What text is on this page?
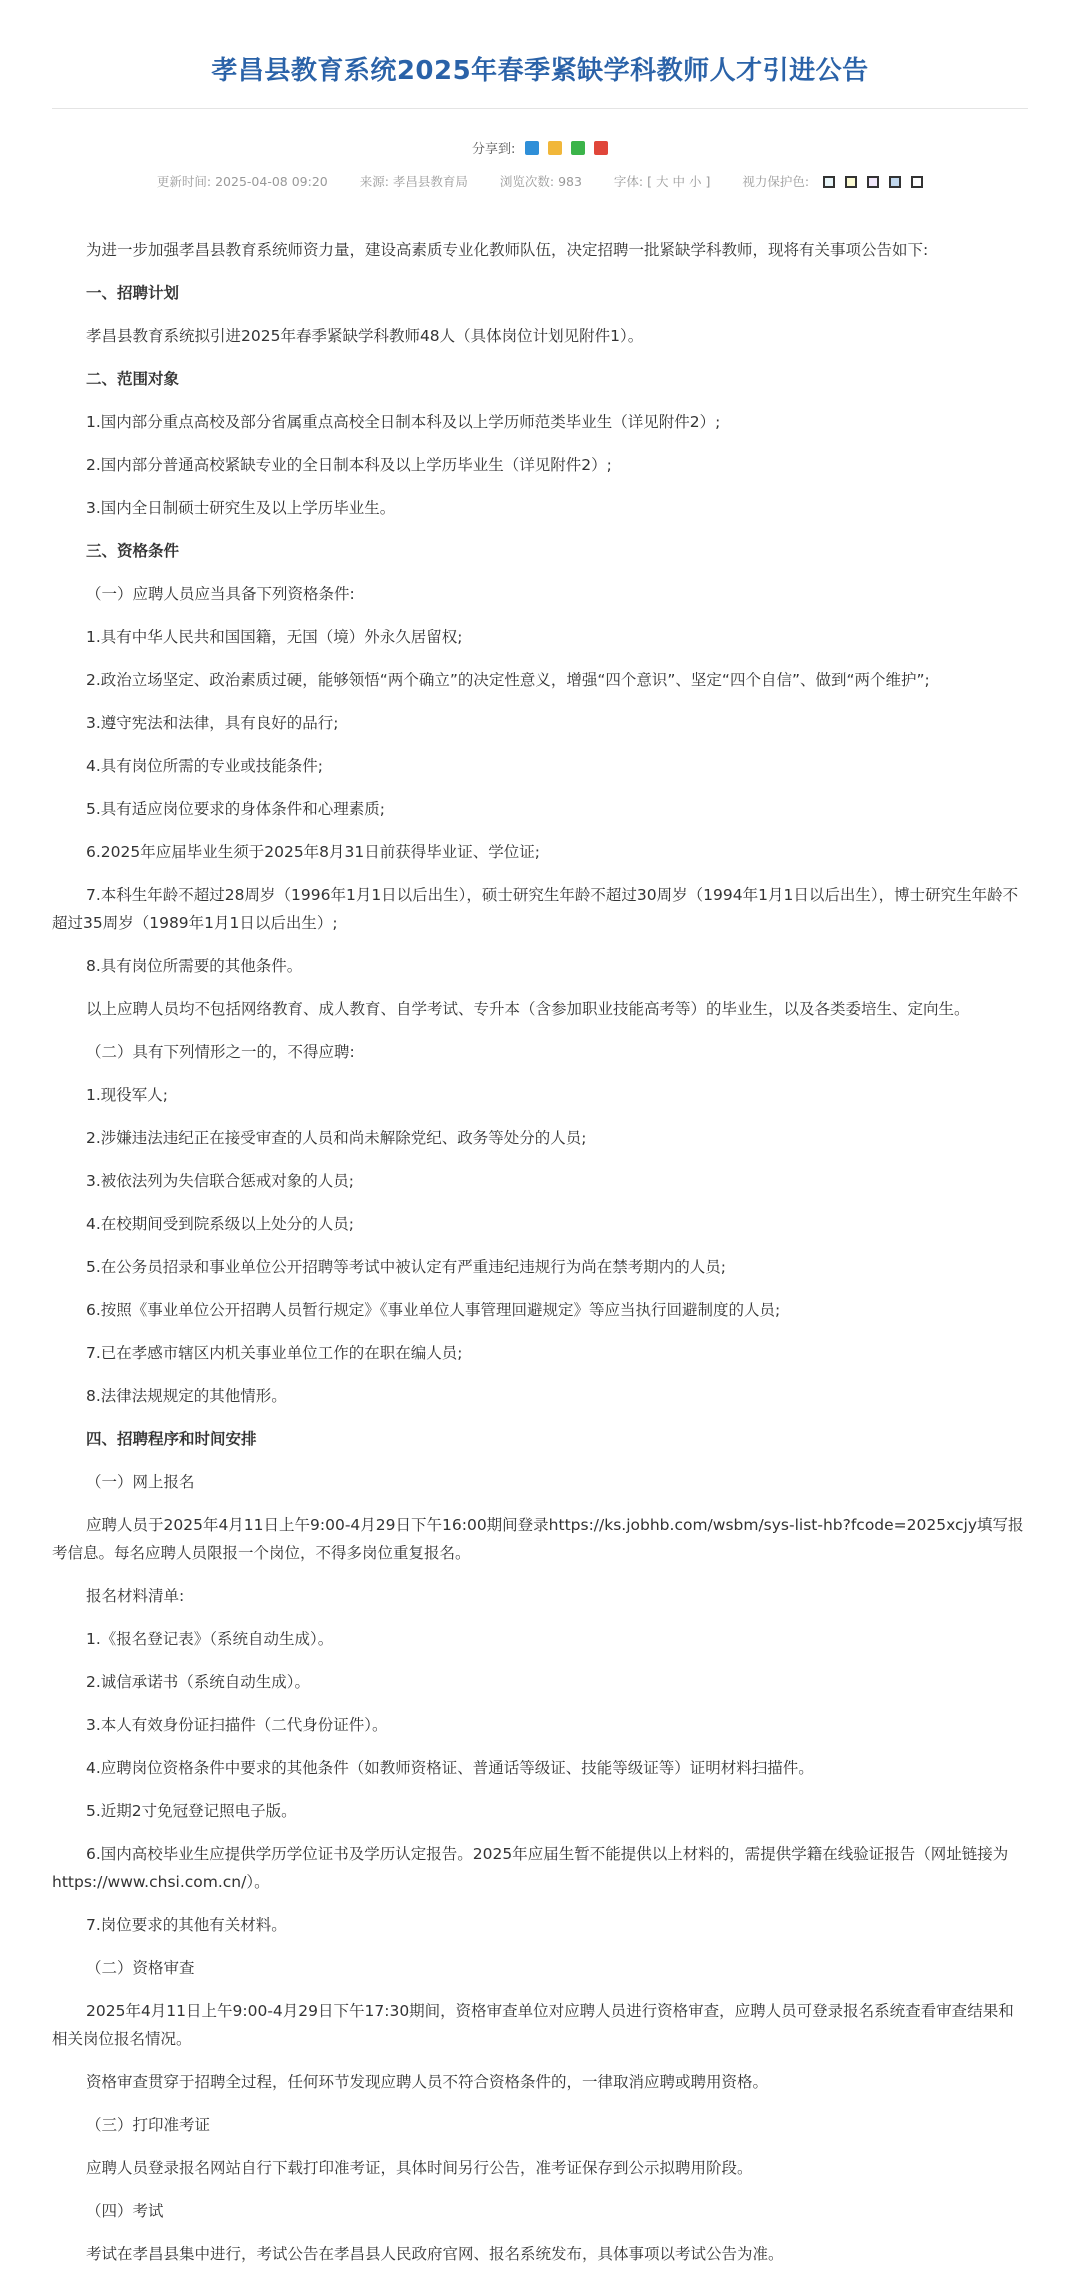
孝昌县教育系统2025年春季紧缺学科教师人才引进公告
分享到:
更新时间: 2025-04-08 09:20	来源: 孝昌县教育局	浏览次数: 983	字体: [ 大 中 小 ]	视力保护色:

为进一步加强孝昌县教育系统师资力量，建设高素质专业化教师队伍，决定招聘一批紧缺学科教师，现将有关事项公告如下:

一、招聘计划

孝昌县教育系统拟引进2025年春季紧缺学科教师48人（具体岗位计划见附件1）。

二、范围对象

1.国内部分重点高校及部分省属重点高校全日制本科及以上学历师范类毕业生（详见附件2）;

2.国内部分普通高校紧缺专业的全日制本科及以上学历毕业生（详见附件2）;

3.国内全日制硕士研究生及以上学历毕业生。

三、资格条件

（一）应聘人员应当具备下列资格条件:

1.具有中华人民共和国国籍，无国（境）外永久居留权;

2.政治立场坚定、政治素质过硬，能够领悟“两个确立”的决定性意义，增强“四个意识”、坚定“四个自信”、做到“两个维护”;

3.遵守宪法和法律，具有良好的品行;

4.具有岗位所需的专业或技能条件;

5.具有适应岗位要求的身体条件和心理素质;

6.2025年应届毕业生须于2025年8月31日前获得毕业证、学位证;

7.本科生年龄不超过28周岁（1996年1月1日以后出生），硕士研究生年龄不超过30周岁（1994年1月1日以后出生），博士研究生年龄不超过35周岁（1989年1月1日以后出生）;

8.具有岗位所需要的其他条件。

以上应聘人员均不包括网络教育、成人教育、自学考试、专升本（含参加职业技能高考等）的毕业生，以及各类委培生、定向生。

（二）具有下列情形之一的，不得应聘:

1.现役军人;

2.涉嫌违法违纪正在接受审查的人员和尚未解除党纪、政务等处分的人员;

3.被依法列为失信联合惩戒对象的人员;

4.在校期间受到院系级以上处分的人员;

5.在公务员招录和事业单位公开招聘等考试中被认定有严重违纪违规行为尚在禁考期内的人员;

6.按照《事业单位公开招聘人员暂行规定》《事业单位人事管理回避规定》等应当执行回避制度的人员;

7.已在孝感市辖区内机关事业单位工作的在职在编人员;

8.法律法规规定的其他情形。

四、招聘程序和时间安排

（一）网上报名

应聘人员于2025年4月11日上午9:00-4月29日下午16:00期间登录https://ks.jobhb.com/wsbm/sys-list-hb?fcode=2025xcjy填写报考信息。每名应聘人员限报一个岗位，不得多岗位重复报名。

报名材料清单:

1.《报名登记表》（系统自动生成）。

2.诚信承诺书（系统自动生成）。

3.本人有效身份证扫描件（二代身份证件）。

4.应聘岗位资格条件中要求的其他条件（如教师资格证、普通话等级证、技能等级证等）证明材料扫描件。

5.近期2寸免冠登记照电子版。

6.国内高校毕业生应提供学历学位证书及学历认定报告。2025年应届生暂不能提供以上材料的，需提供学籍在线验证报告（网址链接为https://www.chsi.com.cn/）。

7.岗位要求的其他有关材料。

（二）资格审查

2025年4月11日上午9:00-4月29日下午17:30期间，资格审查单位对应聘人员进行资格审查，应聘人员可登录报名系统查看审查结果和相关岗位报名情况。

资格审查贯穿于招聘全过程，任何环节发现应聘人员不符合资格条件的，一律取消应聘或聘用资格。

（三）打印准考证

应聘人员登录报名网站自行下载打印准考证，具体时间另行公告，准考证保存到公示拟聘用阶段。

（四）考试

考试在孝昌县集中进行，考试公告在孝昌县人民政府官网、报名系统发布，具体事项以考试公告为准。
